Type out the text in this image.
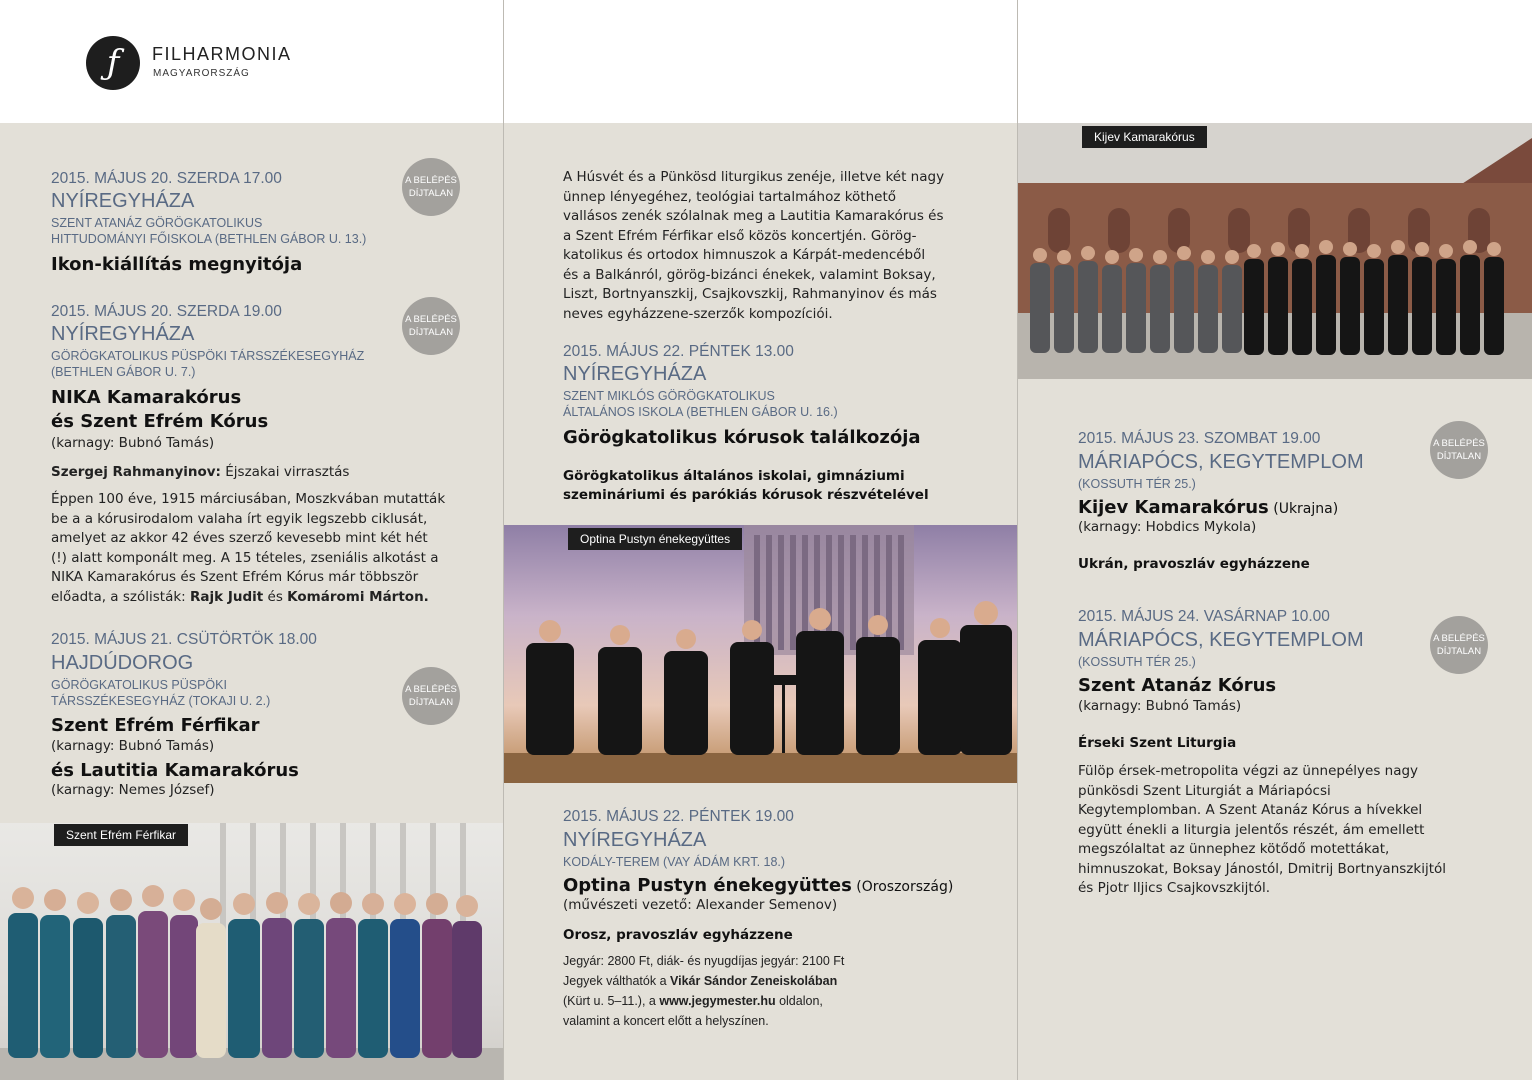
ƒ	FILHARMONIA
MAGYARORSZÁG
2015. MÁJUS 20. SZERDA 17.00
NYÍREGYHÁZA
SZENT ATANÁZ GÖRÖGKATOLIKUS
HITTUDOMÁNYI FŐISKOLA (BETHLEN GÁBOR U. 13.)
Ikon-kiállítás megnyitója
A BELÉPÉS
DÍJTALAN
2015. MÁJUS 20. SZERDA 19.00
NYÍREGYHÁZA
GÖRÖGKATOLIKUS PÜSPÖKI TÁRSSZÉKESEGYHÁZ
(BETHLEN GÁBOR U. 7.)
NIKA Kamarakórus
és Szent Efrém Kórus
(karnagy: Bubnó Tamás)
A BELÉPÉS
DÍJTALAN
Szergej Rahmanyinov: Éjszakai virrasztás
Éppen 100 éve, 1915 márciusában, Moszkvában mutatták
be a a kórusirodalom valaha írt egyik legszebb ciklusát,
amelyet az akkor 42 éves szerző kevesebb mint két hét
(!) alatt komponált meg. A 15 tételes, zseniális alkotást a
NIKA Kamarakórus és Szent Efrém Kórus már többször
előadta, a szólisták: Rajk Judit és Komáromi Márton.
2015. MÁJUS 21. CSÜTÖRTÖK 18.00
HAJDÚDOROG
GÖRÖGKATOLIKUS PÜSPÖKI
TÁRSSZÉKESEGYHÁZ (TOKAJI U. 2.)
Szent Efrém Férfikar
(karnagy: Bubnó Tamás)
és Lautitia Kamarakórus
(karnagy: Nemes József)
A BELÉPÉS
DÍJTALAN
Szent Efrém Férfikar
A Húsvét és a Pünkösd liturgikus zenéje, illetve két nagy
ünnep lényegéhez, teológiai tartalmához köthető
vallásos zenék szólalnak meg a Lautitia Kamarakórus és
a Szent Efrém Férfikar első közös koncertjén. Görög-
katolikus és ortodox himnuszok a Kárpát-medencéből
és a Balkánról, görög-bizánci énekek, valamint Boksay,
Liszt, Bortnyanszkij, Csajkovszkij, Rahmanyinov és más
neves egyházzene-szerzők kompozíciói.
2015. MÁJUS 22. PÉNTEK 13.00
NYÍREGYHÁZA
SZENT MIKLÓS GÖRÖGKATOLIKUS
ÁLTALÁNOS ISKOLA (BETHLEN GÁBOR U. 16.)
Görögkatolikus kórusok találkozója
Görögkatolikus általános iskolai, gimnáziumi
szemináriumi és parókiás kórusok részvételével

Optina Pustyn énekegyüttes
2015. MÁJUS 22. PÉNTEK 19.00
NYÍREGYHÁZA
KODÁLY-TEREM (VAY ÁDÁM KRT. 18.)
Optina Pustyn énekegyüttes (Oroszország)
(művészeti vezető: Alexander Semenov)
Orosz, pravoszláv egyházzene
Jegyár: 2800 Ft, diák- és nyugdíjas jegyár: 2100 Ft
Jegyek válthatók a Vikár Sándor Zeneiskolában
(Kürt u. 5–11.), a www.jegymester.hu oldalon,
valamint a koncert előtt a helyszínen.
Kijev Kamarakórus
2015. MÁJUS 23. SZOMBAT 19.00
MÁRIAPÓCS, KEGYTEMPLOM
(KOSSUTH TÉR 25.)
Kijev Kamarakórus (Ukrajna)
(karnagy: Hobdics Mykola)
Ukrán, pravoszláv egyházzene
A BELÉPÉS
DÍJTALAN
2015. MÁJUS 24. VASÁRNAP 10.00
MÁRIAPÓCS, KEGYTEMPLOM
(KOSSUTH TÉR 25.)
Szent Atanáz Kórus
(karnagy: Bubnó Tamás)
Érseki Szent Liturgia
Fülöp érsek-metropolita végzi az ünnepélyes nagy
pünkösdi Szent Liturgiát a Máriapócsi
Kegytemplomban. A Szent Atanáz Kórus a hívekkel
együtt énekli a liturgia jelentős részét, ám emellett
megszólaltat az ünnephez kötődő motettákat,
himnuszokat, Boksay Jánostól, Dmitrij Bortnyanszkijtól
és Pjotr Iljics Csajkovszkijtól.
A BELÉPÉS
DÍJTALAN
